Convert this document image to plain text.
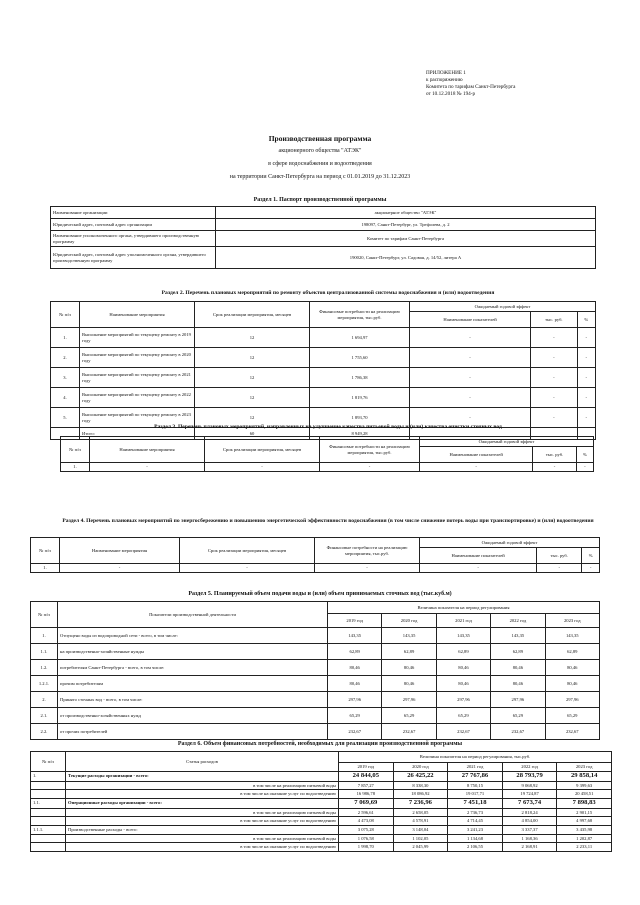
ПРИЛОЖЕНИЕ 1
к распоряжению
Комитета по тарифам Санкт-Петербурга
от 10.12.2018 № 194-р
Производственная программа
акционерного общества "АТЭК"
в сфере водоснабжения и водоотведения
на территории Санкт-Петербурга на период с 01.01.2019 до 31.12.2023
Раздел 1. Паспорт производственной программы
Наименование организации	акционерное общество "АТЭК"
Юридический адрес, почтовый адрес организации	198097, Санкт-Петербург, ул. Трефолева, д. 2
Наименование уполномоченного органа, утвердившего производственную программу	Комитет по тарифам Санкт-Петербурга
Юридический адрес, почтовый адрес уполномоченного органа, утвердившего производственную программу	190020, Санкт-Петербург, ул. Садовая, д. 14/52, литера А
Раздел 2. Перечень плановых мероприятий по ремонту объектов централизованной системы водоснабжения и (или) водоотведения
№ п/п	Наименование мероприятия	Срок реализации мероприятия, месяцев	Финансовые потребности на реализацию мероприятия, тыс.руб.	Ожидаемый годовой эффект		
				Наименование показателей	тыс. руб.	%
1.	Выполнение мероприятий по текущему ремонту в 2019 году	12	1 694,97	-	-	-
2.	Выполнение мероприятий по текущему ремонту в 2020 году	12	1 755,60	-	-	-
3.	Выполнение мероприятий по текущему ремонту в 2021 году	12	1 786,38	-	-	-
4.	Выполнение мероприятий по текущему ремонту в 2022 году	12	1 819,76	-	-	-
5.	Выполнение мероприятий по текущему ремонту в 2023 году	12	1 893,70	-	-	-
	Итого:	60	8 949,28			
Раздел 3. Перечень плановых мероприятий, направленных на улучшение качества питьевой воды и (или) качества очистки сточных вод
№ п/п	Наименование мероприятия	Срок реализации мероприятия, месяцев	Финансовые потребности на реализацию мероприятия, тыс.руб.	Ожидаемый годовой эффект		
				Наименование показателей	тыс. руб.	%
1.	-	-	-	-	-	-
Раздел 4. Перечень плановых мероприятий по энергосбережению и повышению энергетической эффективности водоснабжения (в том числе снижение потерь воды при транспортировке) и (или) водоотведения
№ п/п	Наименование мероприятия	Срок реализации мероприятия, месяцев	Финансовые потребности на реализацию мероприятия, тыс.руб.	Ожидаемый годовой эффект		
				Наименование показателей	тыс. руб.	%
1.	-	-	-	-	-	-
Раздел 5. Планируемый объем подачи воды и (или) объем принимаемых сточных вод (тыс.куб.м)
№ п/п	Показатели производственной деятельности	Величина показателя на период регулирования				
		2019 год	2020 год	2021 год	2022 год	2023 год
1.	Отпущено воды из водопроводной сети - всего, в том числе:	143,35	143,35	143,35	143,35	143,35
1.1.	на производственно-хозяйственные нужды	62,89	62,89	62,89	62,89	62,89
1.2.	потребителям Санкт-Петербурга - всего, в том числе:	80,46	80,46	80,46	80,46	80,46
1.2.1.	прочим потребителям	80,46	80,46	80,46	80,46	80,46
2.	Принято сточных вод - всего, в том числе:	297,96	297,96	297,96	297,96	297,96
2.1.	от производственно-хозяйственных нужд	65,29	65,29	65,29	65,29	65,29
2.2.	от прочих потребителей	232,67	232,67	232,67	232,67	232,67
Раздел 6. Объем финансовых потребностей, необходимых для реализации производственной программы
№ п/п	Статья расходов	Величина показателя на период регулирования, тыс.руб.				
		2019 год	2020 год	2021 год	2022 год	2023 год
1.	Текущие расходы организации - всего:	24 844,05	26 425,22	27 767,86	28 793,79	29 858,14
	в том числе на реализацию питьевой воды	7 857,27	8 338,30	8 750,15	9 068,92	9 399,63
	в том числе на оказание услуг по водоотведению	16 986,78	18 086,92	19 017,71	19 724,87	20 458,51
1.1.	Операционные расходы организации - всего:	7 069,69	7 236,96	7 451,18	7 673,74	7 898,83
	в том числе на реализацию питьевой воды	2 596,61	2 658,05	2 736,73	2 818,24	2 901,15
	в том числе на оказание услуг по водоотведению	4 473,08	4 578,91	4 714,45	4 854,00	4 997,68
1.1.1.	Производственные расходы - всего:	3 075,28	3 148,04	3 241,23	3 337,37	3 435,98
	в том числе на реализацию питьевой воды	1 076,58	1 102,05	1 134,68	1 168,36	1 202,87
	в том числе на оказание услуг по водоотведению	1 998,70	2 045,99	2 106,55	2 168,91	2 233,11
